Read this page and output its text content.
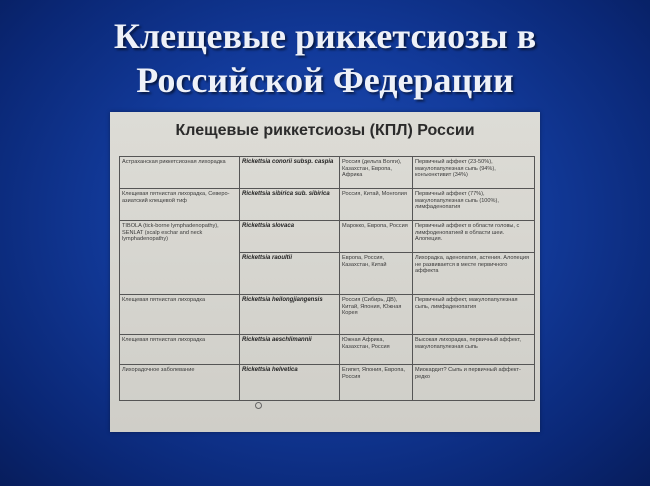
Клещевые риккетсиозы в
Российской Федерации
Клещевые риккетсиозы (КПЛ) России
Астраханская риккетсиозная лихорадка	Rickettsia conorii subsp. caspia	Россия (дельта Волги), Казахстан, Европа, Африка	Первичный аффект (23-50%), макулопапулезная сыпь (94%), конъюнктивит (34%)
Клещевая пятнистая лихорадка, Северо-азиатский клещевой тиф	Rickettsia sibirica sub. sibirica	Россия, Китай, Монголия	Первичный аффект (77%), макулопапулезная сыпь (100%), лимфаденопатия
TIBOLA (tick-borne lymphadenopathy), SENLAT (scalp eschar and neck lymphadenopathy)	Rickettsia slovaca	Марокко, Европа, Россия	Первичный аффект в области головы, с лимфоденопатией в области шеи. Алопеция.
	Rickettsia raoultii	Европа, Россия, Казахстан, Китай	Лихорадка, аденопатия, астения. Алопеция не развивается в месте первичного аффекта
Клещевая пятнистая лихорадка	Rickettsia heilongjiangensis	Россия (Сибирь, ДВ), Китай, Япония, Южная Корея	Первичный аффект, макулопапулезная сыпь, лимфаденопатия
Клещевая пятнистая лихорадка	Rickettsia aeschlimannii	Южная Африка, Казахстан, Россия	Высокая лихорадка, первичный аффект, макулопапулезная сыпь
Лихорадочное заболевание	Rickettsia helvetica	Египет, Япония, Европа, Россия	Миокардит? Сыпь и первичный аффект- редко
